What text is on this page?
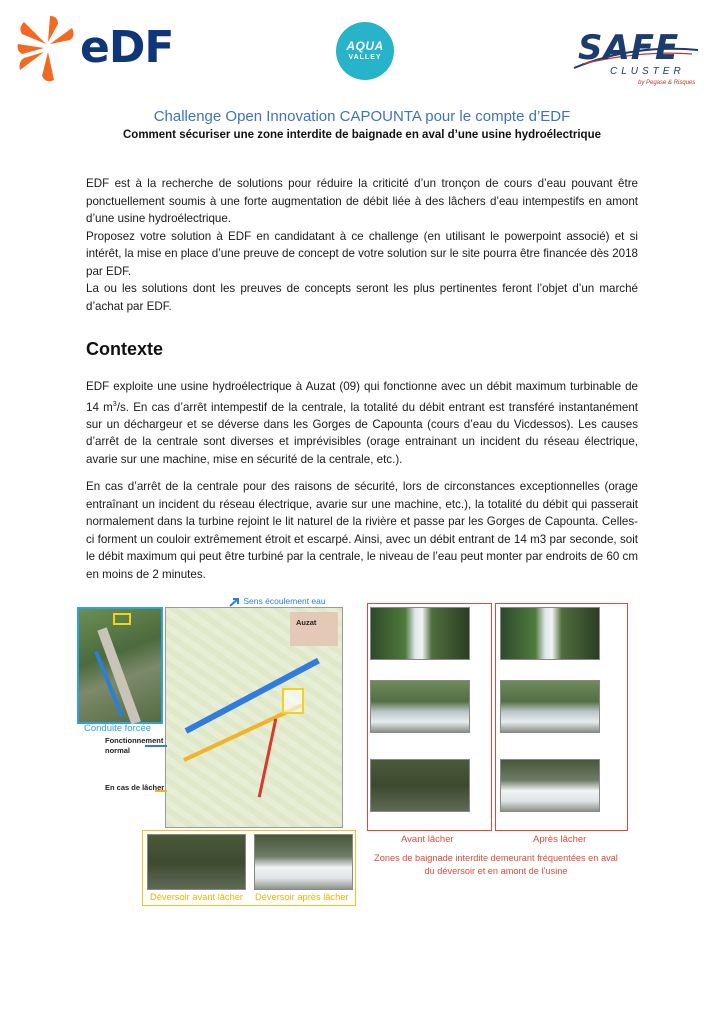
eDF	AQUA
VALLEY	SAFE
CLUSTER
by Pegase & Risques
Challenge Open Innovation CAPOUNTA pour le compte d’EDF
Comment sécuriser une zone interdite de baignade en aval d’une usine hydroélectrique
EDF est à la recherche de solutions pour réduire la criticité d’un tronçon de cours d’eau pouvant être ponctuellement soumis à une forte augmentation de débit liée à des lâchers d’eau intempestifs en amont d’une usine hydroélectrique.
Proposez votre solution à EDF en candidatant à ce challenge (en utilisant le powerpoint associé) et si intérêt, la mise en place d’une preuve de concept de votre solution sur le site pourra être financée dès 2018 par EDF.
La ou les solutions dont les preuves de concepts seront les plus pertinentes feront l’objet d’un marché d’achat par EDF.
Contexte
EDF exploite une usine hydroélectrique à Auzat (09) qui fonctionne avec un débit maximum turbinable de 14 $m^3/s$. En cas d’arrêt intempestif de la centrale, la totalité du débit entrant est transféré instantanément sur un déchargeur et se déverse dans les Gorges de Capounta (cours d’eau du Vicdessos). Les causes d’arrêt de la centrale sont diverses et imprévisibles (orage entrainant un incident du réseau électrique, avarie sur une machine, mise en sécurité de la centrale, etc.).
En cas d’arrêt de la centrale pour des raisons de sécurité, lors de circonstances exceptionnelles (orage entraînant un incident du réseau électrique, avarie sur une machine, etc.), la totalité du débit qui passerait normalement dans la turbine rejoint le lit naturel de la rivière et passe par les Gorges de Capounta. Celles-ci forment un couloir extrêmement étroit et escarpé. Ainsi, avec un débit entrant de 14 m3 par seconde, soit le débit maximum qui peut être turbiné par la centrale, le niveau de l’eau peut monter par endroits de 60 cm en moins de 2 minutes.
Sens écoulement eau
Conduite forcée
Auzat
Fonctionnement normal
En cas de lâcher
Avant lâcher	Après lâcher
Zones de baignade interdite demeurant fréquentées en aval du déversoir et en amont de l’usine
Déversoir avant lâcher Déversoir après lâcher
